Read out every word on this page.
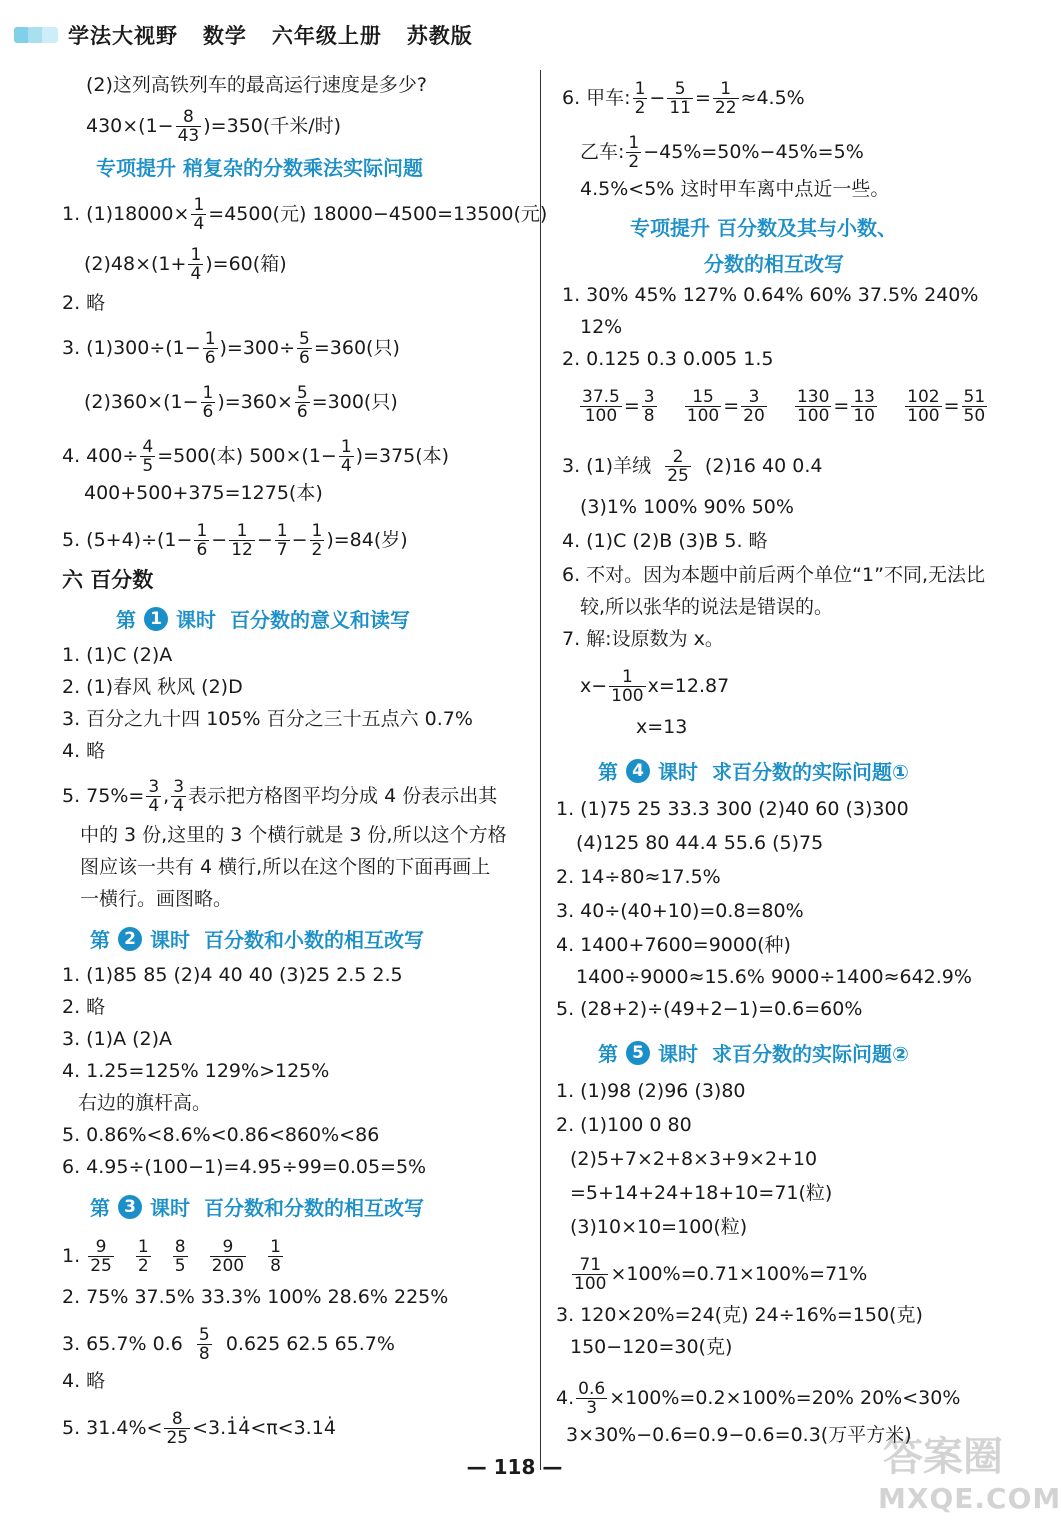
学法大视野   数学   六年级上册   苏教版
(2)这列高铁列车的最高运行速度是多少?
$430\times(1- \frac{8}{43} )=350$(千米/时)
专项提升 稍复杂的分数乘法实际问题
1. $(1)18000\times \frac{1}{4} =4500$(元) 18000−4500=13500(元)
$(2)48\times(1+ \frac{1}{4} )=60$(箱)
2. 略
3. $(1)300\div(1- \frac{1}{6} )=300\div \frac{5}{6} =360$(只)
$(2)360\times(1- \frac{1}{6} )=360\times \frac{5}{6} =300$(只)
4. $400\div \frac{4}{5} =500$(本) $500\times(1- \frac{1}{4} )=375$(本)
400+500+375=1275(本)
5. $(5+4)\div(1- \frac{1}{6} - \frac{1}{12} - \frac{1}{7} - \frac{1}{2} )=84$(岁)
六 百分数
第 1 课时 百分数的意义和读写
1. (1)C (2)A
2. (1)春风 秋风 (2)D
3. 百分之九十四 105% 百分之三十五点六 0.7%
4. 略
5. $75\%= \frac{3}{4}$ , $\frac{3}{4}$ 表示把方格图平均分成 4 份表示出其
中的 3 份,这里的 3 个横行就是 3 份,所以这个方格
图应该一共有 4 横行,所以在这个图的下面再画上
一横行。画图略。
第 2 课时 百分数和小数的相互改写
1. (1)85 85 (2)4 40 40 (3)25 2.5 2.5
2. 略
3. (1)A (2)A
4. 1.25=125% 129%>125%
右边的旗杆高。
5. 0.86%<8.6%<0.86<860%<86
6. 4.95÷(100−1)=4.95÷99=0.05=5%
第 3 课时 百分数和分数的相互改写
1. $\frac{9}{25}$
$\frac{1}{2}$
$\frac{8}{5}$
$\frac{9}{200}$
$\frac{1}{8}$
2. 75% 37.5% 33.3% 100% 28.6% 225%
3. 65.7% $0.6 \frac{5}{8} 0.625$ 62.5 65.7%
4. 略
5. $31.4\%< \frac{8}{25}$ <3.1̇4̇<π<3.14̇
6. 甲车: $\frac{1}{2} - \frac{5}{11} = \frac{1}{22} \approx 4.5\%$
乙车: $\frac{1}{2} -45\%=50\%-45\%=5\%$
4.5%<5% 这时甲车离中点近一些。
专项提升 百分数及其与小数、
分数的相互改写
1. 30% 45% 127% 0.64% 60% 37.5% 240%
12%
2. 0.125 0.3 0.005 1.5
$\frac{37.5}{100} = \frac{3}{8}$
$\frac{15}{100} = \frac{3}{20}$
$\frac{130}{100} = \frac{13}{10}$
$\frac{102}{100} = \frac{51}{50}$
3. (1)羊绒 $\frac{2}{25} (2)16$ 40 0.4
(3)1% 100% 90% 50%
4. (1)C (2)B (3)B 5. 略
6. 不对。因为本题中前后两个单位“1”不同,无法比
较,所以张华的说法是错误的。
7. 解:设原数为 x。
$x- \frac{1}{100} x=12.87$
x=13
第 4 课时 求百分数的实际问题①
1. (1)75 25 33.3 300 (2)40 60 (3)300
(4)125 80 44.4 55.6 (5)75
2. 14÷80≈17.5%
3. 40÷(40+10)=0.8=80%
4. 1400+7600=9000(种)
1400÷9000≈15.6% 9000÷1400≈642.9%
5. (28+2)÷(49+2−1)=0.6=60%
第 5 课时 求百分数的实际问题②
1. (1)98 (2)96 (3)80
2. (1)100 0 80
(2)5+7×2+8×3+9×2+10
=5+14+24+18+10=71(粒)
(3)10×10=100(粒)
$\frac{71}{100} \times 100\%=0.71\times 100\%=71\%$
3. 120×20%=24(克) 24÷16%=150(克)
150−120=30(克)
4. $\frac{0.6}{3} \times 100\%=0.2\times 100\%=20\%$ 20%<30%
3×30%−0.6=0.9−0.6=0.3(万平方米)
— 118 —	答案圈
MXQE.COM
